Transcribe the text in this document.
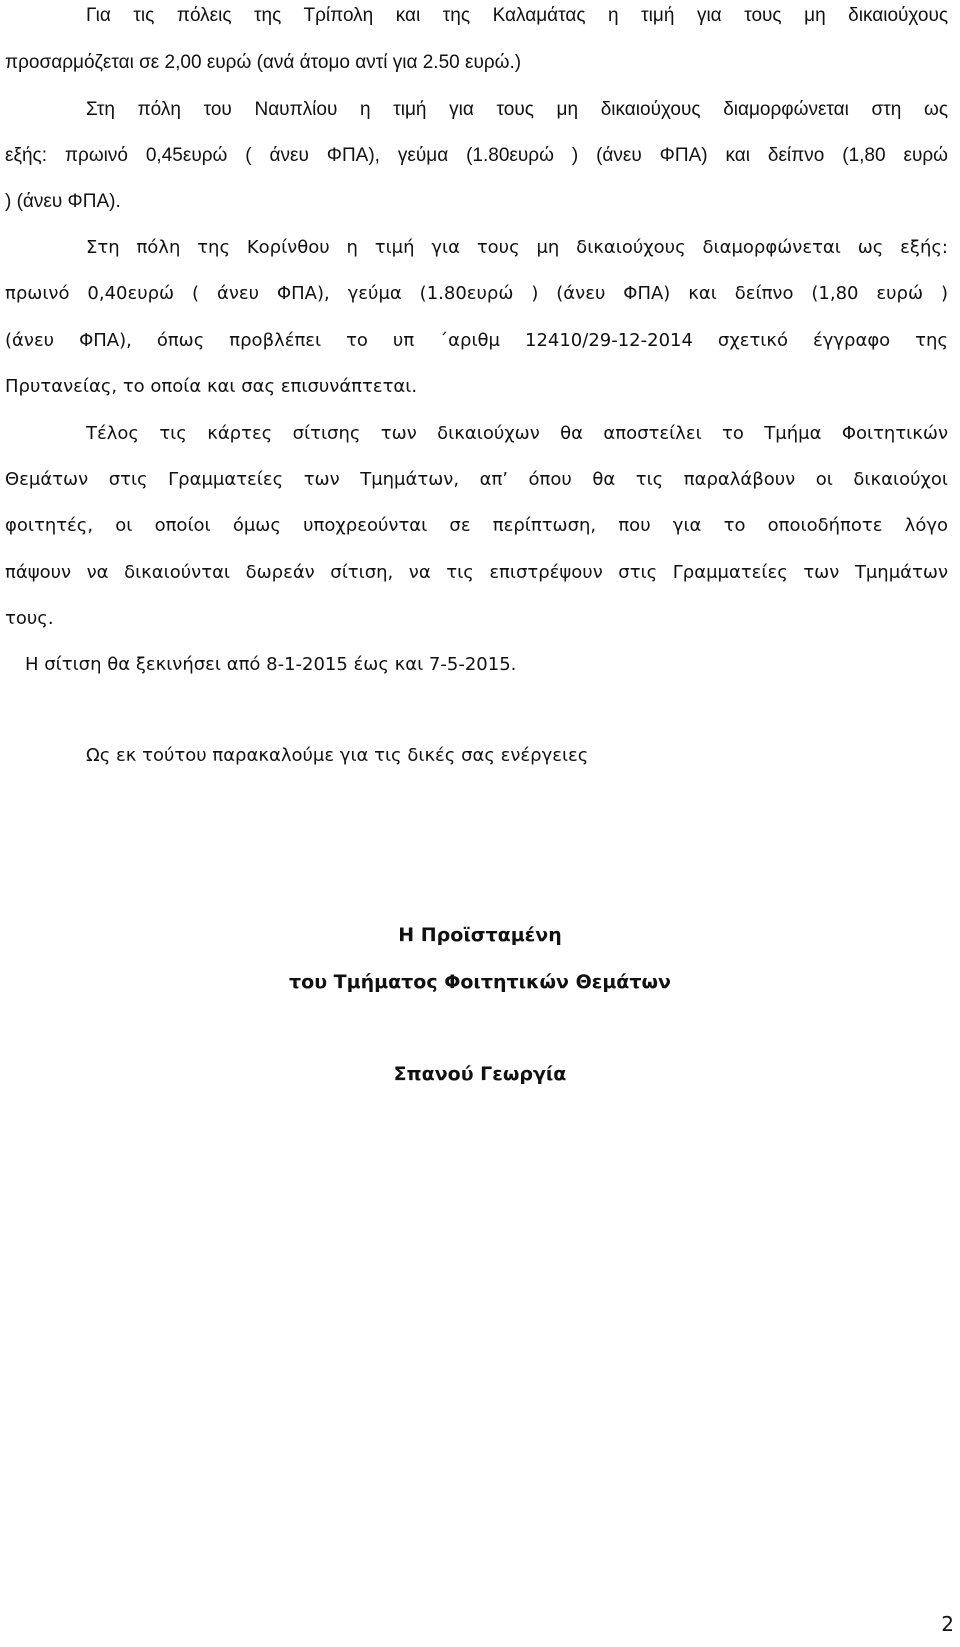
Για τις πόλεις της Τρίπολη και της Καλαμάτας η τιμή για τους μη δικαιούχους
προσαρμόζεται σε 2,00 ευρώ (ανά άτομο αντί για 2.50 ευρώ.)
Στη πόλη του Ναυπλίου η τιμή για τους μη δικαιούχους διαμορφώνεται στη ως
εξής: πρωινό 0,45ευρώ ( άνευ ΦΠΑ), γεύμα (1.80ευρώ ) (άνευ ΦΠΑ) και δείπνο (1,80 ευρώ
) (άνευ ΦΠΑ).
Στη πόλη της Κορίνθου η τιμή για τους μη δικαιούχους διαμορφώνεται ως εξής:
πρωινό 0,40ευρώ ( άνευ ΦΠΑ), γεύμα (1.80ευρώ ) (άνευ ΦΠΑ) και δείπνο (1,80 ευρώ )
(άνευ ΦΠΑ), όπως προβλέπει το υπ ΄αριθμ 12410/29-12-2014 σχετικό έγγραφο της
Πρυτανείας, το οποία και σας επισυνάπτεται.
Τέλος τις κάρτες σίτισης των δικαιούχων θα αποστείλει το Τμήμα Φοιτητικών
Θεμάτων στις Γραμματείες των Τμημάτων, απ’ όπου θα τις παραλάβουν οι δικαιούχοι
φοιτητές, οι οποίοι όμως υποχρεούνται σε περίπτωση, που για το οποιοδήποτε λόγο
πάψουν να δικαιούνται δωρεάν σίτιση, να τις επιστρέψουν στις Γραμματείες των Τμημάτων
τους.
Η σίτιση θα ξεκινήσει από 8-1-2015 έως και 7-5-2015.
Ως εκ τούτου παρακαλούμε για τις δικές σας ενέργειες
Η Προϊσταμένη
του Τμήματος Φοιτητικών Θεμάτων
Σπανού Γεωργία
2
